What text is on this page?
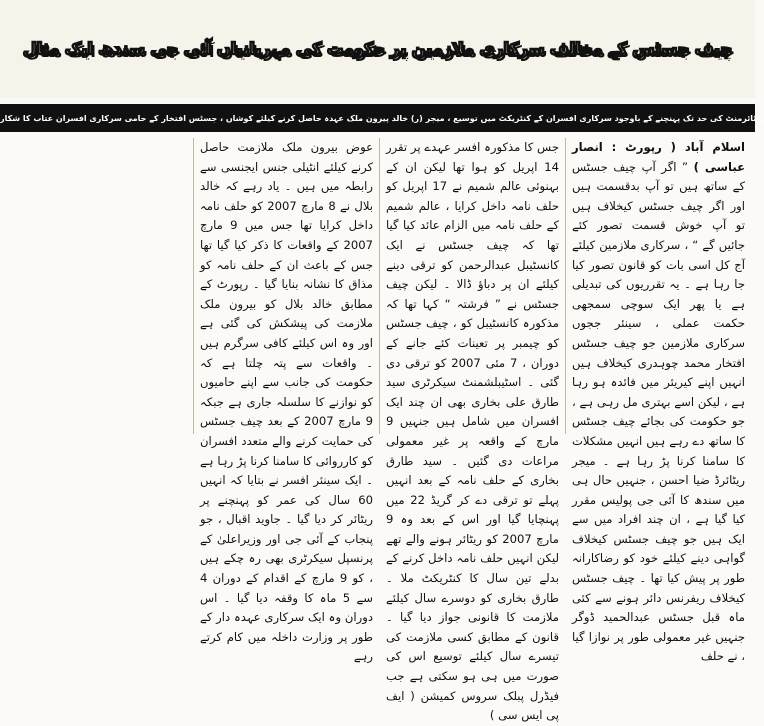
چیف جسٹس کے مخالف سرکاری ملازمین پر حکومت کی مہربانیاں آئی جی سندھ ایک مثال
ریٹائرمنٹ کی حد تک پہنچنے کے باوجود سرکاری افسران کے کنٹریکٹ میں توسیع ، میجر (ر) خالد پیرون ملک عہدہ حاصل کرنے کیلئے کوشاں ، جسٹس افتخار کے حامی سرکاری افسران عتاب کا شکار

اسلام آباد ( رپورٹ : انصار عباسی ) ” اگر آپ چیف جسٹس کے ساتھ ہیں تو آپ بدقسمت ہیں اور اگر چیف جسٹس کیخلاف ہیں تو آپ خوش قسمت تصور کئے جائیں گے “ ، سرکاری ملازمین کیلئے آج کل اسی بات کو قانون تصور کیا جا رہا ہے ۔ یہ تقرریوں کی تبدیلی ہے یا پھر ایک سوچی سمجھی حکمت عملی ، سینئر ججوں سرکاری ملازمین جو چیف جسٹس افتخار محمد چوہدری کیخلاف ہیں انہیں اپنے کیریئر میں فائدہ ہو رہا ہے ، لیکن اسے بہتری مل رہی ہے ، جو حکومت کی بجائے چیف جسٹس کا ساتھ دے رہے ہیں انہیں مشکلات کا سامنا کرنا پڑ رہا ہے ۔ میجر ریٹائرڈ ضیا احسن ، جنہیں حال ہی میں سندھ کا آئی جی پولیس مقرر کیا گیا ہے ، ان چند افراد میں سے ایک ہیں جو چیف جسٹس کیخلاف گواہی دینے کیلئے خود کو رضاکارانہ طور پر پیش کیا تھا ۔ چیف جسٹس کیخلاف ریفرنس دائر ہونے سے کئی ماہ قبل جسٹس عبدالحمید ڈوگر جنہیں غیر معمولی طور پر نوازا گیا ، نے حلف

جس کا مذکورہ افسر عہدے پر تقرر 14 اپریل کو ہوا تھا لیکن ان کے بہنوئی عالم شمیم نے 17 اپریل کو حلف نامہ داخل کرایا ، عالم شمیم کے حلف نامہ میں الزام عائد کیا گیا تھا کہ چیف جسٹس نے ایک کانسٹیبل عبدالرحمن کو ترقی دینے کیلئے ان پر دباؤ ڈالا ۔ لیکن چیف جسٹس نے ” فرشتہ “ کہا تھا کہ مذکورہ کانسٹیبل کو ، چیف جسٹس کو چیمبر پر تعینات کئے جانے کے دوران ، 7 مئی 2007 کو ترقی دی گئی ۔ اسٹیبلشمنٹ سیکرٹری سید طارق علی بخاری بھی ان چند ایک افسران میں شامل ہیں جنہیں 9 مارچ کے واقعہ پر غیر معمولی مراعات دی گئیں ۔ سید طارق بخاری کے حلف نامہ کے بعد انہیں پہلے تو ترقی دے کر گریڈ 22 میں پہنچایا گیا اور اس کے بعد وہ 9 مارچ 2007 کو ریٹائر ہونے والے تھے لیکن انہیں حلف نامہ داخل کرنے کے بدلے تین سال کا کنٹریکٹ ملا ۔ طارق بخاری کو دوسرے سال کیلئے ملازمت کا قانونی جواز دیا گیا ۔ قانون کے مطابق کسی ملازمت کی تیسرے سال کیلئے توسیع اس کی صورت میں ہی ہو سکتی ہے جب فیڈرل پبلک سروس کمیشن ( ایف پی ایس سی )

عوض بیرون ملک ملازمت حاصل کرنے کیلئے انٹیلی جنس ایجنسی سے رابطہ میں ہیں ۔ یاد رہے کہ خالد بلال نے 8 مارچ 2007 کو حلف نامہ داخل کرایا تھا جس میں 9 مارچ 2007 کے واقعات کا ذکر کیا گیا تھا جس کے باعث ان کے حلف نامہ کو مذاق کا نشانہ بنایا گیا ۔ رپورٹ کے مطابق خالد بلال کو بیرون ملک ملازمت کی پیشکش کی گئی ہے اور وہ اس کیلئے کافی سرگرم ہیں ۔ واقعات سے پتہ چلتا ہے کہ حکومت کی جانب سے اپنے حامیوں کو نوازنے کا سلسلہ جاری ہے جبکہ 9 مارچ 2007 کے بعد چیف جسٹس کی حمایت کرنے والے متعدد افسران کو کارروائی کا سامنا کرنا پڑ رہا ہے ۔ ایک سینئر افسر نے بتایا کہ انہیں 60 سال کی عمر کو پہنچنے پر ریٹائر کر دیا گیا ۔ جاوید اقبال ، جو پنجاب کے آئی جی اور وزیراعلیٰ کے پرنسپل سیکرٹری بھی رہ چکے ہیں ، کو 9 مارچ کے اقدام کے دوران 4 سے 5 ماہ کا وقفہ دیا گیا ۔ اس دوران وہ ایک سرکاری عہدہ دار کے طور پر وزارت داخلہ میں کام کرتے رہے
